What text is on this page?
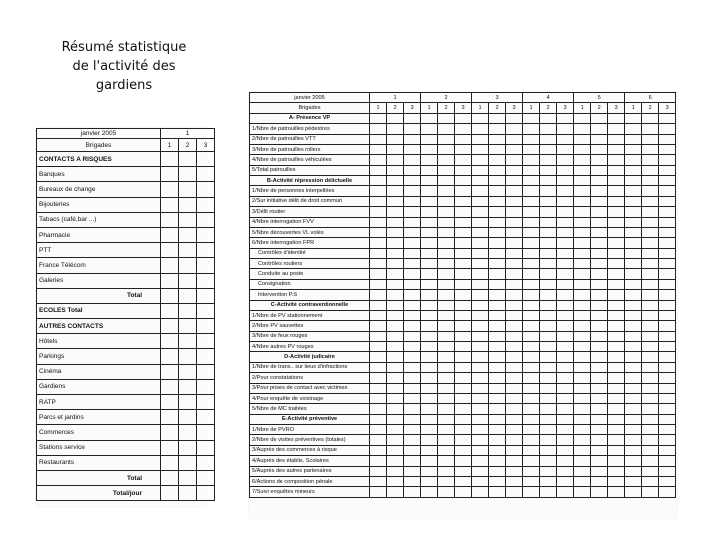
Résumé statistique
de l'activité des
gardiens
janvier 2005	1		
Brigades	1	2	3
CONTACTS A RISQUES			
Banques			
Bureaux de change			
Bijouteries			
Tabacs (café,bar ...)			
Pharmacie			
PTT			
France Télécom			
Galeries			
Total			
ECOLES Total			
AUTRES CONTACTS			
Hôtels			
Parkings			
Cinéma			
Gardiens			
RATP			
Parcs et jardins			
Commerces			
Stations service			
Restaurants			
Total			
Total/jour			
janvier 2005	1			2			3			4			5			6		
Brigades	1	2	3	1	2	3	1	2	3	1	2	3	1	2	3	1	2	3
A- Présence VP																		
1/Nbre de patrouilles pédestres																		
2/Nbre de patrouilles VTT																		
3/Nbre de patrouilles rollers																		
4/Nbre de patrouilles véhiculées																		
5/Total patrouilles																		
B-Activité répression délictuelle																		
1/Nbre de personnes interpellées																		
2/Sur initiative délit de droit commun																		
3/Délit routier																		
4/Nbre interrogation FVV																		
5/Nbre découvertes VL volés																		
6/Nbre interrogation FPR																		
Contrôles d'identité																		
Contrôles routiers																		
Conduite au poste																		
Consignation																		
Intervention P.S																		
C-Activité contraventionnelle																		
1/Nbre de PV stationnement																		
2/Nbre PV sauvettes																		
3/Nbre de feux rouges																		
4/Nbre autres PV rouges																		
D-Activité judicaire																		
1/Nbre de trans.. sur lieux d'infractions																		
2/Pour constatations																		
3/Pour prises de contact avec victimes																		
4/Pour enquête de voisinage																		
5/Nbre de MC traitées																		
E-Activité préventive																		
1/Nbre de PVRO																		
2/Nbre de visites préventives (totales)																		
3/Auprès des commerces à risque																		
4/Auprès des établis. Scolaires																		
5/Auprès des autres partenaires																		
6/Actions de composition pénale																		
7/Suivi enquêtes mineurs																		
